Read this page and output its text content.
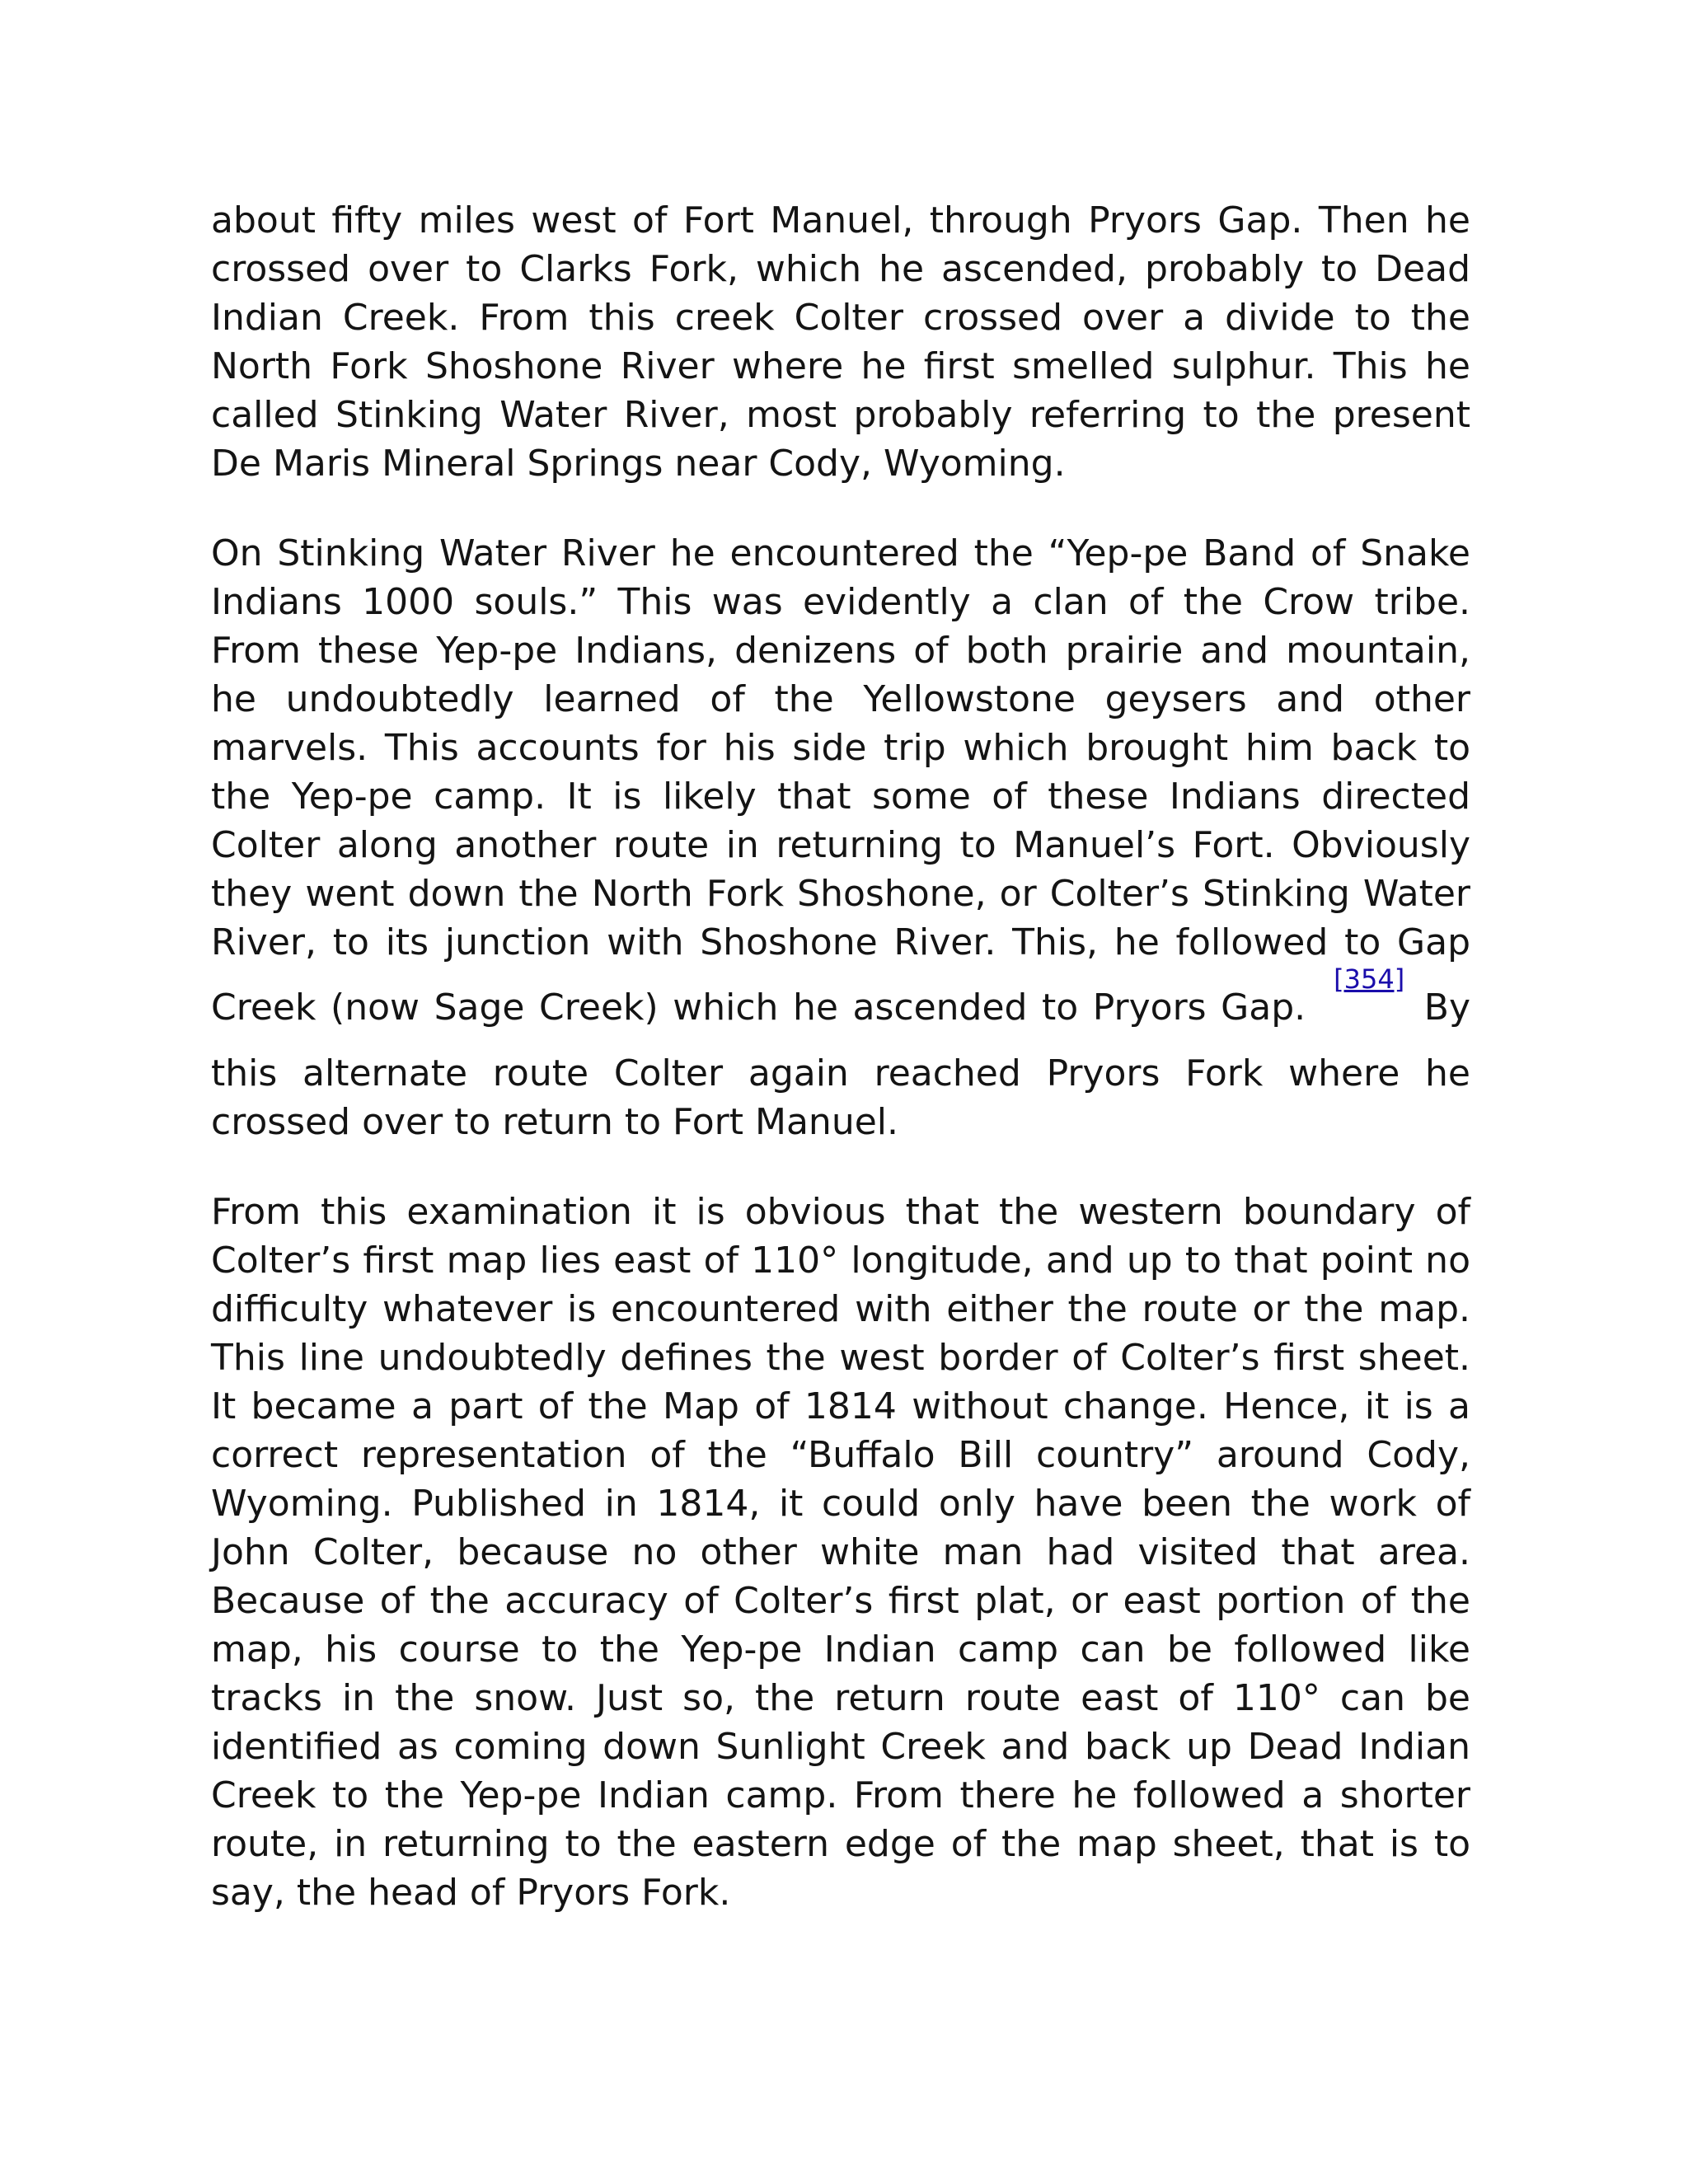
about fifty miles west of Fort Manuel, through Pryors Gap. Then he crossed over to Clarks Fork, which he ascended, probably to Dead Indian Creek. From this creek Colter crossed over a divide to the North Fork Shoshone River where he first smelled sulphur. This he called Stinking Water River, most probably referring to the present De Maris Mineral Springs near Cody, Wyoming.

On Stinking Water River he encountered the “Yep-pe Band of Snake Indians 1000 souls.” This was evidently a clan of the Crow tribe. From these Yep-pe Indians, denizens of both prairie and mountain, he undoubtedly learned of the Yellowstone geysers and other marvels. This accounts for his side trip which brought him back to the Yep-pe camp. It is likely that some of these Indians directed Colter along another route in returning to Manuel’s Fort. Obviously they went down the North Fork Shoshone, or Colter’s Stinking Water River, to its junction with Shoshone River. This, he followed to Gap Creek (now Sage Creek) which he ascended to Pryors Gap.[354] By this alternate route Colter again reached Pryors Fork where he crossed over to return to Fort Manuel.

From this examination it is obvious that the western boundary of Colter’s first map lies east of 110° longitude, and up to that point no difficulty whatever is encountered with either the route or the map. This line undoubtedly defines the west border of Colter’s first sheet. It became a part of the Map of 1814 without change. Hence, it is a correct representation of the “Buffalo Bill country” around Cody, Wyoming. Published in 1814, it could only have been the work of John Colter, because no other white man had visited that area. Because of the accuracy of Colter’s first plat, or east portion of the map, his course to the Yep-pe Indian camp can be followed like tracks in the snow. Just so, the return route east of 110° can be identified as coming down Sunlight Creek and back up Dead Indian Creek to the Yep-pe Indian camp. From there he followed a shorter route, in returning to the eastern edge of the map sheet, that is to say, the head of Pryors Fork.
